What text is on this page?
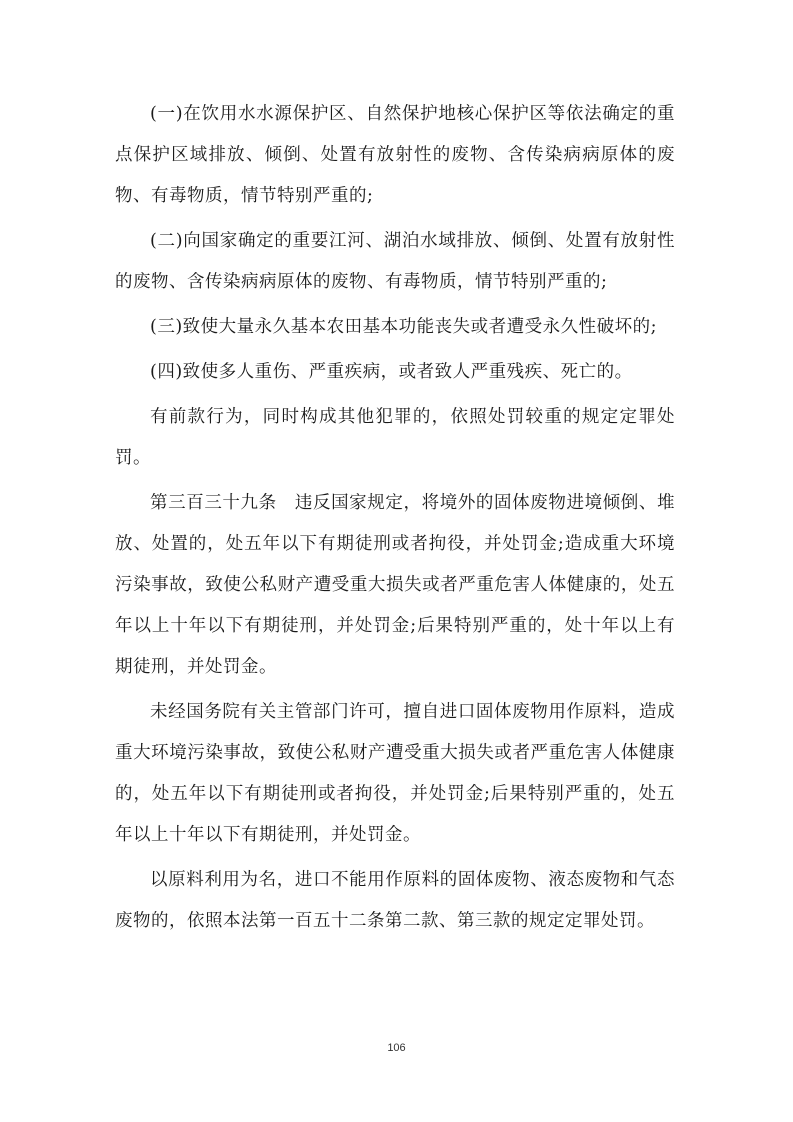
(一)在饮用水水源保护区、自然保护地核心保护区等依法确定的重点保护区域排放、倾倒、处置有放射性的废物、含传染病病原体的废物、有毒物质，情节特别严重的;

(二)向国家确定的重要江河、湖泊水域排放、倾倒、处置有放射性的废物、含传染病病原体的废物、有毒物质，情节特别严重的;

(三)致使大量永久基本农田基本功能丧失或者遭受永久性破坏的;

(四)致使多人重伤、严重疾病，或者致人严重残疾、死亡的。

有前款行为，同时构成其他犯罪的，依照处罚较重的规定定罪处罚。

第三百三十九条　违反国家规定，将境外的固体废物进境倾倒、堆放、处置的，处五年以下有期徒刑或者拘役，并处罚金;造成重大环境污染事故，致使公私财产遭受重大损失或者严重危害人体健康的，处五年以上十年以下有期徒刑，并处罚金;后果特别严重的，处十年以上有期徒刑，并处罚金。

未经国务院有关主管部门许可，擅自进口固体废物用作原料，造成重大环境污染事故，致使公私财产遭受重大损失或者严重危害人体健康的，处五年以下有期徒刑或者拘役，并处罚金;后果特别严重的，处五年以上十年以下有期徒刑，并处罚金。

以原料利用为名，进口不能用作原料的固体废物、液态废物和气态废物的，依照本法第一百五十二条第二款、第三款的规定定罪处罚。

106
